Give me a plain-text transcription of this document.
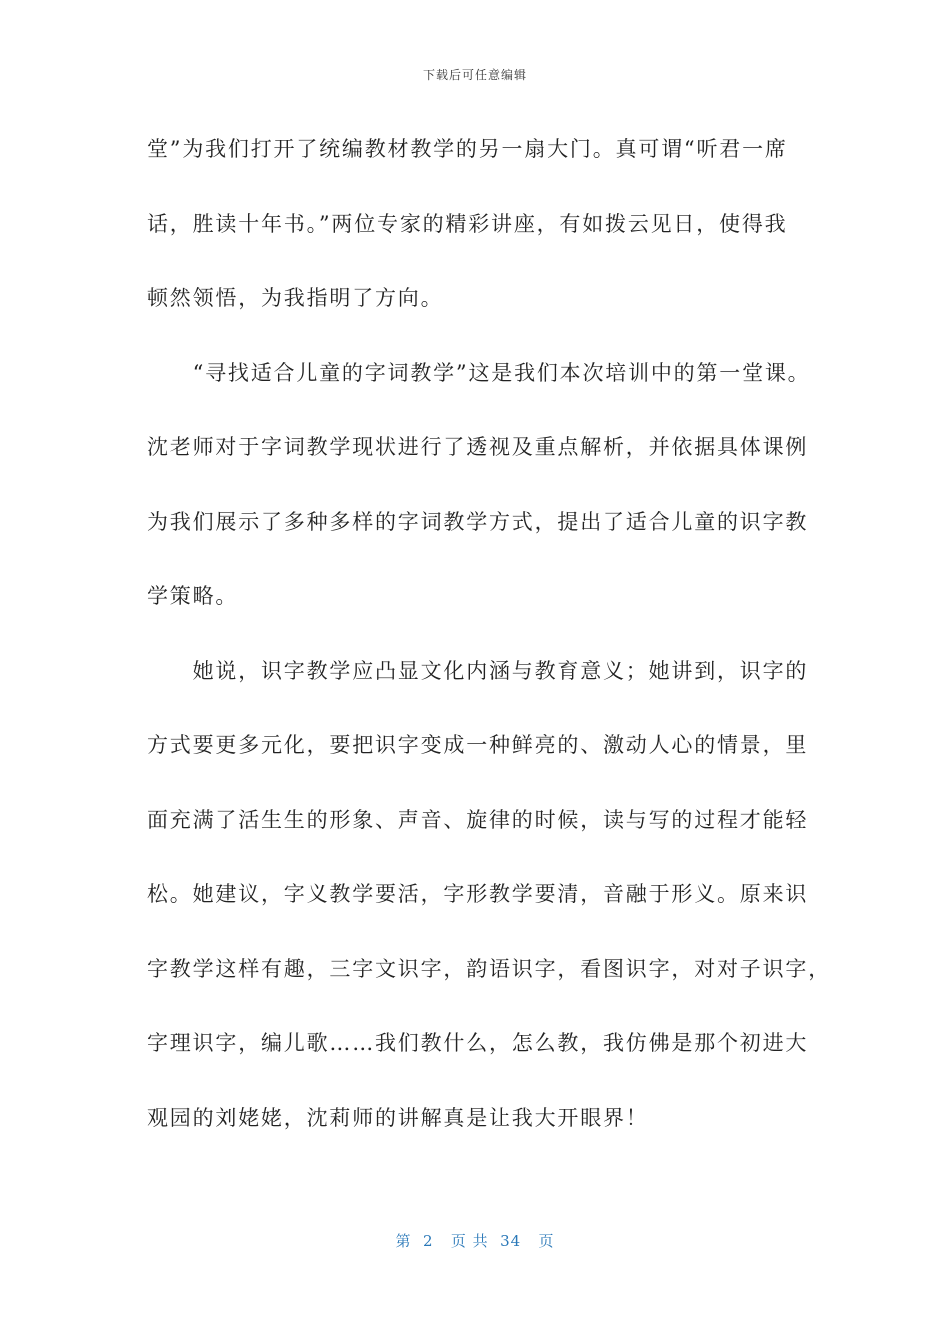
下载后可任意编辑
堂”为我们打开了统编教材教学的另一扇大门。真可谓“听君一席
话，胜读十年书。”两位专家的精彩讲座，有如拨云见日，使得我
顿然领悟，为我指明了方向。
　　“寻找适合儿童的字词教学”这是我们本次培训中的第一堂课。
沈老师对于字词教学现状进行了透视及重点解析，并依据具体课例
为我们展示了多种多样的字词教学方式，提出了适合儿童的识字教
学策略。
　　她说，识字教学应凸显文化内涵与教育意义；她讲到，识字的
方式要更多元化，要把识字变成一种鲜亮的、激动人心的情景，里
面充满了活生生的形象、声音、旋律的时候，读与写的过程才能轻
松。她建议，字义教学要活，字形教学要清，音融于形义。原来识
字教学这样有趣，三字文识字，韵语识字，看图识字，对对子识字，
字理识字，编儿歌……我们教什么，怎么教，我仿佛是那个初进大
观园的刘姥姥，沈莉师的讲解真是让我大开眼界！
第  2   页 共  34   页
